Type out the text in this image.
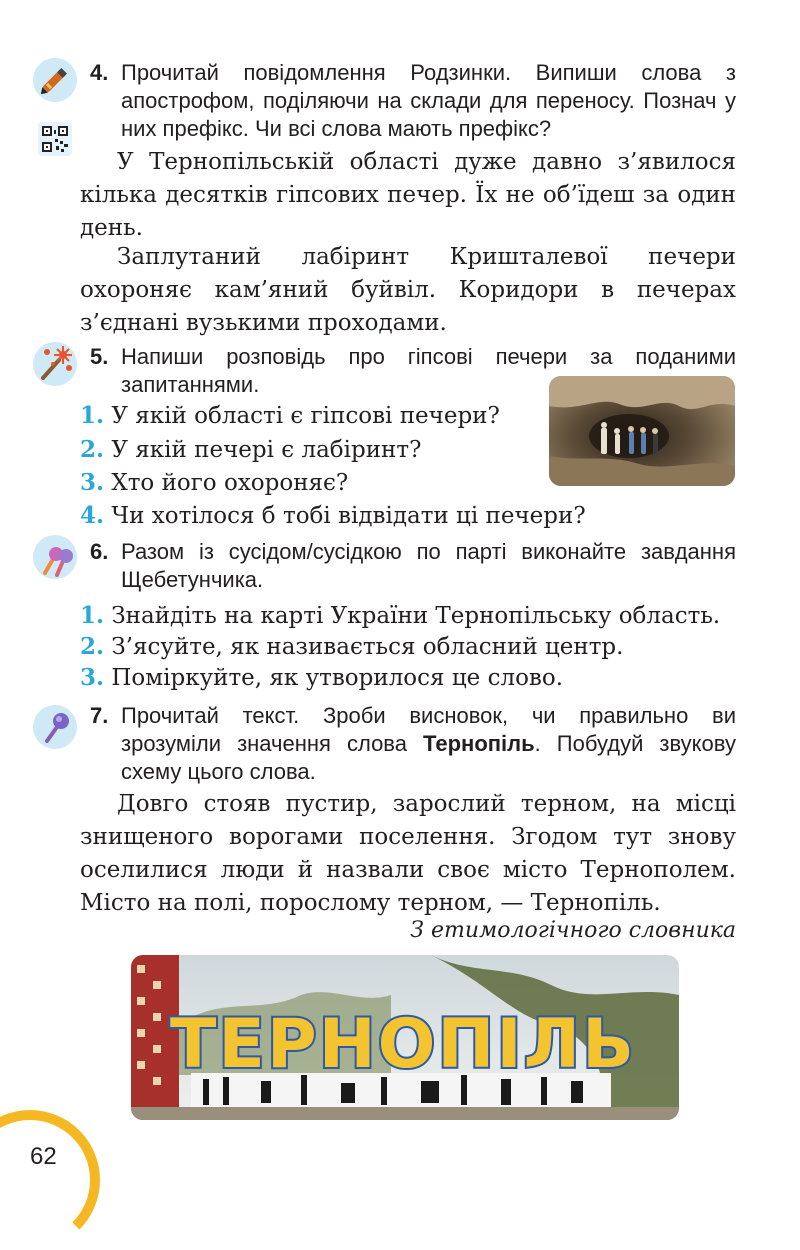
4. Прочитай повідомлення Родзинки. Випиши слова з апострофом, поділяючи на склади для переносу. Познач у них префікс. Чи всі слова мають префікс?
У Тернопільській області дуже давно з’явилося кілька десятків гіпсових печер. Їх не об’їдеш за один день.
Заплутаний лабіринт Кришталевої печери охороняє кам’яний буйвіл. Коридори в печерах з’єднані вузькими проходами.
5. Напиши розповідь про гіпсові печери за поданими запитаннями.
1. У якій області є гіпсові печери?
2. У якій печері є лабіринт?
3. Хто його охороняє?
4. Чи хотілося б тобі відвідати ці печери?
6. Разом із сусідом/сусідкою по парті виконайте завдання Щебетунчика.
1. Знайдіть на карті України Тернопільську область.
2. З’ясуйте, як називається обласний центр.
3. Поміркуйте, як утворилося це слово.
7. Прочитай текст. Зроби висновок, чи правильно ви зрозуміли значення слова Тернопіль. Побудуй звукову схему цього слова.
Довго стояв пустир, зарослий терном, на місці знищеного ворогами поселення. Згодом тут знову оселилися люди й назвали своє місто Тернополем. Місто на полі, порослому терном, — Тернопіль.
З етимологічного словника
ТЕРНОПІЛЬ
62
